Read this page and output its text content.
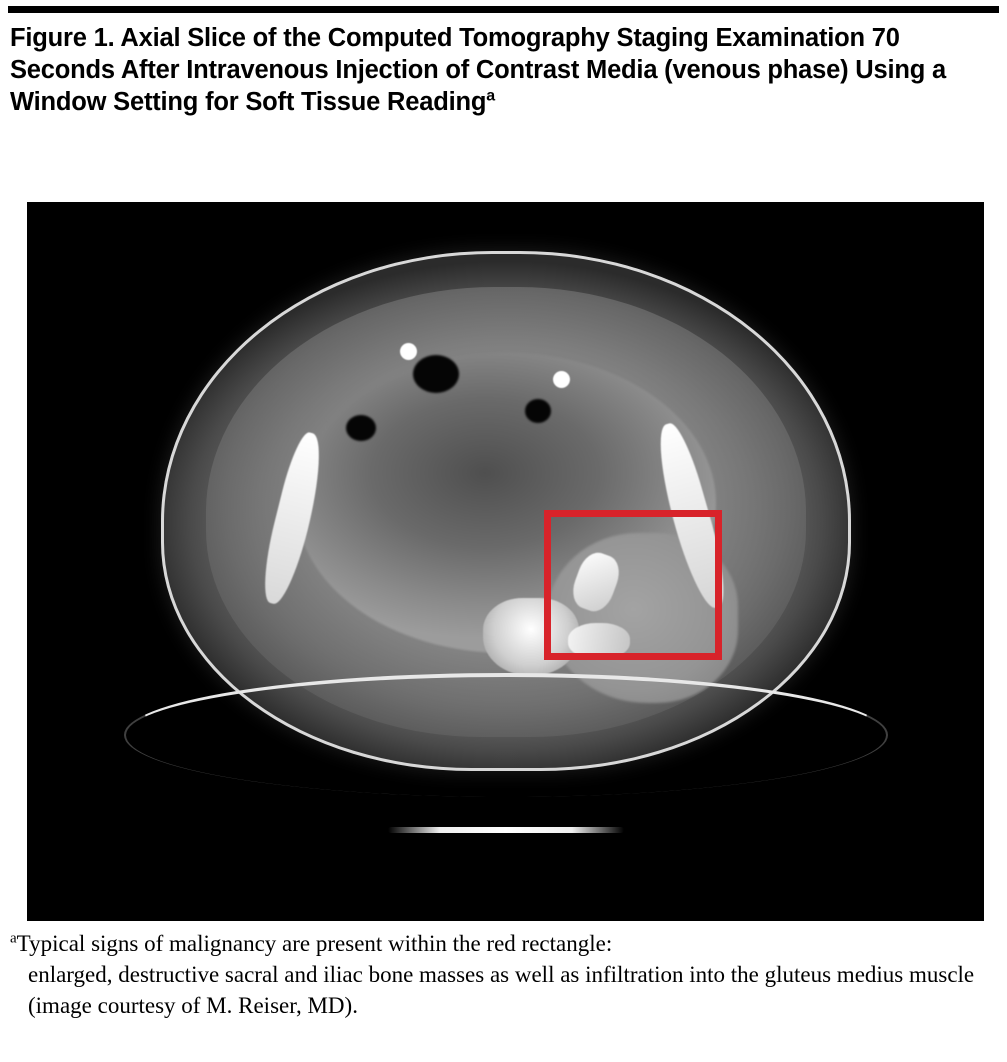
Figure 1. Axial Slice of the Computed Tomography Staging Examination 70 Seconds After Intravenous Injection of Contrast Media (venous phase) Using a Window Setting for Soft Tissue Reading$^a$
$^a$Typical signs of malignancy are present within the red rectangle:
enlarged, destructive sacral and iliac bone masses as well as infiltration into the gluteus medius muscle (image courtesy of M. Reiser, MD).
